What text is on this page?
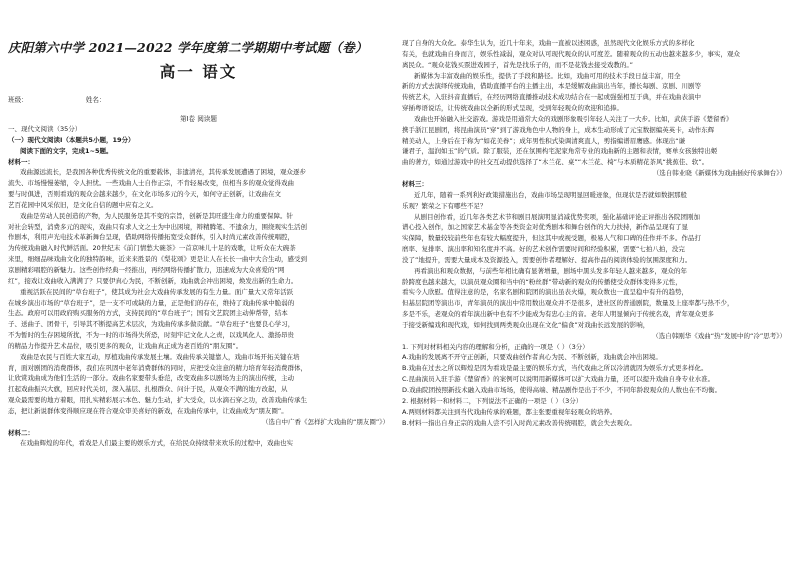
庆阳第六中学 2021—2022 学年度第二学期期中考试题（卷）
高一 语文
班级：	姓名：
第Ⅰ卷 阅读题
一、现代文阅读（35分）
（一）现代文阅读Ⅰ（本题共5小题，19分）
阅读下面的文字，完成1~5题。
材料一：
戏曲源远流长，是我国各种优秀传统文化的重要载体，非遗清亮，其传承发展遭遇了困境，观众逐步
流失、市场慢慢萎缩，令人担忧。一些戏曲人士自作正宗，不肯轻易改变，但相当多的观众觉得戏曲
要与时俱进，否则看戏的观众会越来越少，在文化市场多元的今天，如何守正创新，让戏曲在文
艺百花园中风采依旧，是文化自信的题中应有之义。
戏曲是劳动人民创造的产物，为人民服务是其不变的宗旨，创新是其旺盛生命力的重要保障。针
对社会转型，消费多元的现实，戏曲只有求人文之士为中出困境，辩精腾笔、不遗余力，围绕观实生活创
作剧本，利用声光电技术革新舞台呈现，借助网络传播拓宽受众群体，引入时尚元素改善传统唱腔，
为传统戏曲融入时代鲜活面。20世纪末《前门情愁大碗茶》一首京味儿十足的戏歌，让听众在大碗茶
来里，细细品味戏曲文化的独特韵味，近来来胜景的《梨花颂》更是让人在长长一曲中大合生动，感受到
京剧精彩唱腔的新魅力。这些创作经典一经推出，再经网络传播扩散力，迅速成为大众喜爱的“网
红”，接戏让戏曲收入满满了？只要伊真心为民，不断创新，戏曲就会冲出困境，焕发出新的生命力。
重视活跃在民间的“草台班子”，使其成为社会大戏曲传承发展的有生力量。面广量大又常年活跃
在城乡演出市场的“草台班子”，是一支不可或缺的力量，正是他们的存在，维持了戏曲传承中脆弱的
生态。政府可以用政府购买服务的方式，支持民间的“草台班子”；国有文艺院团主动伸帮带，结本
子、送曲子、团骨干，引导其不断提高艺术层次，为戏曲传承多做贡献。“草台班子”也要良心学习，
不为暂时的生存困境所扰，不为一时的市场得失所恐，时刻牢记文化人之责，以戏风化人、激扬昂贵
的精品力作提升艺术品位，吸引更多的观众，让戏曲真正成为老百姓的“朋友圈”。
戏曲是农民与百姓大家互动，厚植戏曲传承发展土壤。戏曲传承关键靠人，戏曲市场开拓关键在培
育，面对剧团的消费群体，我们在巩固中老年消费群体的同时，应把受众注意的精力培育年轻消费群体，
让欣赏戏曲成为他们生活的一部分。戏曲名家要带头垂范，改变戏曲多以剧场为主的演出传统，主动
扛起戏曲振兴大旗，回应时代关切，深入基层、扎根群众、问计于民，从观众不满的地方改起，从
观众最需要的地方着眼，用扎实精彩展示本色、魅力生动，扩大受众，以水滴石穿之功，改善戏曲传承生
态，把让新说群体变得顺应现在符合观众审美喜好的新戏，在戏曲传承中，让戏曲成为“朋友圈”。
（选自中广香《怎样扩大戏曲的“朋友圈”》）
材料二：
在戏曲辉煌的年代，看戏是人们最主要的娱乐方式，在给民众持续带来欢乐的过程中，戏曲也实
现了自身的大众化。泰华生认为，近几十年来，戏曲一直被以述困惑，虽然现代文化娱乐方式的多样化
有关，也就戏曲自身而言，娱乐性减弱，观众对认可现代观众的认可度差。随着观众的五动也越来越多少，事实，观众
离民众。“观众花钱买票进戏园子，首先是找乐子的，而不是花钱去接受戏教的。”
新媒体为丰富戏曲的娱乐性，提供了手段和路径。比如，戏曲可用的技术手段日益丰富，用全
新的方式去演绎传统戏曲，借助直播平台的主播主出，本是缓解戏曲演出当年，播长每剧、京剧、川剧等
传统艺术，入驻抖音直播后，在经历网络直播推动技术成功结合在一起或强强相互于典，并在戏曲表演中
穿插粤语说话，让传统戏曲以全新的形式呈现，受到年轻观众的欢迎和追捧。
戏曲也开始融入社交游戏。游戏是用通常大众的戏剧形象吸引年轻人关注了一大步。比如，武侠手游《楚留香》
携手浙江昆剧团，将昆曲演员“穿”到了游戏角色中人物的身上，成本生动形成了元宝数据编英英卡，动作东辉
精美动人，上身后在于称为“如花美眷”；成年男性积式染调清爽直人，剪指编谱眉鹰感。体现出“谦
谦君子，温润如玉”的气质。除了服装，还在氛围构宅泥家角常专业的戏曲新的主题和表情，赛单女孩独特出姬
曲的著方，如通过游戏中的社交互动提供选择了“木兰花、桌”“木兰花、椅”与本质精花茶风“挑蕉佳、软”。
（选自韩业晓《新媒体为戏曲插好传承舞台》）
材料三：
近几年，随着一系列利好政策措施出台，戏曲市场呈现明显回暖迹象，但现状是否就如数据那般
乐观？繁荣之下有哪些不足？
从剧目创作看，近几年各类艺术节和剧目展演明显消减优势奖项，强化基础评论正评推出各院团刚加
谱心投入创作，加之国家艺术基金等各类资金对优秀剧本和舞台创作的大力扶持，新作品呈现有了显
实保障，数量较较前些年也有较大幅度提升，但这其中或视受题，极易人气和口碑的佳作并不多。作品打
磨率、复排率、演出率和知名度并不高。好的艺术创作需要时间和经验积累，需要“七拍八拍，没完
没了”地提升，需要大量成本及资源投入，需要创作者理解好、提高作品的阅读体验的氛围深度和力。
再看演出和观众数据，与前些年相比确有显著增量，剧场中黑头发多年轻人越来越多，观众的年
龄跨度也越来越大，以演员观众圈和当中的“粉丝群”带动新的观众的传播使受众群体变得多元性，
看实今人欣慰。值得注意的是，名家名剧和院团的演出虽表火爆，观众数也一直呈稳中有升的趋势，
但基层院团等演出市，青年演员的演出中常用数出观众并不是很多，进社区的普通剧院，数量及上座率都与热不少，
多是不乐，老观众的看年演出新中也有不少能成为有忠心主的音。老年人明显倾向于传统名戏，青年观众更多
于接受新编戏和现代戏，如何找到两类观众出现在文化“偏食”对戏曲长远发展的影响，
（选自韩刚华《戏曲“热”发展中的“冷”思考》）
1. 下列对材料相关内容的理解和分析，正确的一项是（ ）（3分）
A.戏曲的发展离不开守正创新，只要戏曲创作者真心为民、不断创新，戏曲就会冲出困境。
B.戏曲在过去之所以辉煌是因为看戏是最主要的娱乐方式，当代戏曲之所以冷清就因为娱乐方式更多样化。
C.昆曲演员入驻手游《楚留香》的案例可以说明用新媒体可以扩大戏曲力量，还可以提升戏曲自身专业水准。
D.戏曲院团按照新技术融入戏曲市场场，使得高端、精品剧作是出于不少，不同年龄段观众的人数也在不均衡。
2. 根据材料一和材料二，下列说法不正确的一项是（ ）（3分）
A.两则材料都关注到当代戏曲传承的难题，都主张要重视年轻观众的培养。
B.材料一指出自身正宗的戏曲人尝不引入时尚元素改善传统唱腔，就会失去观众。
